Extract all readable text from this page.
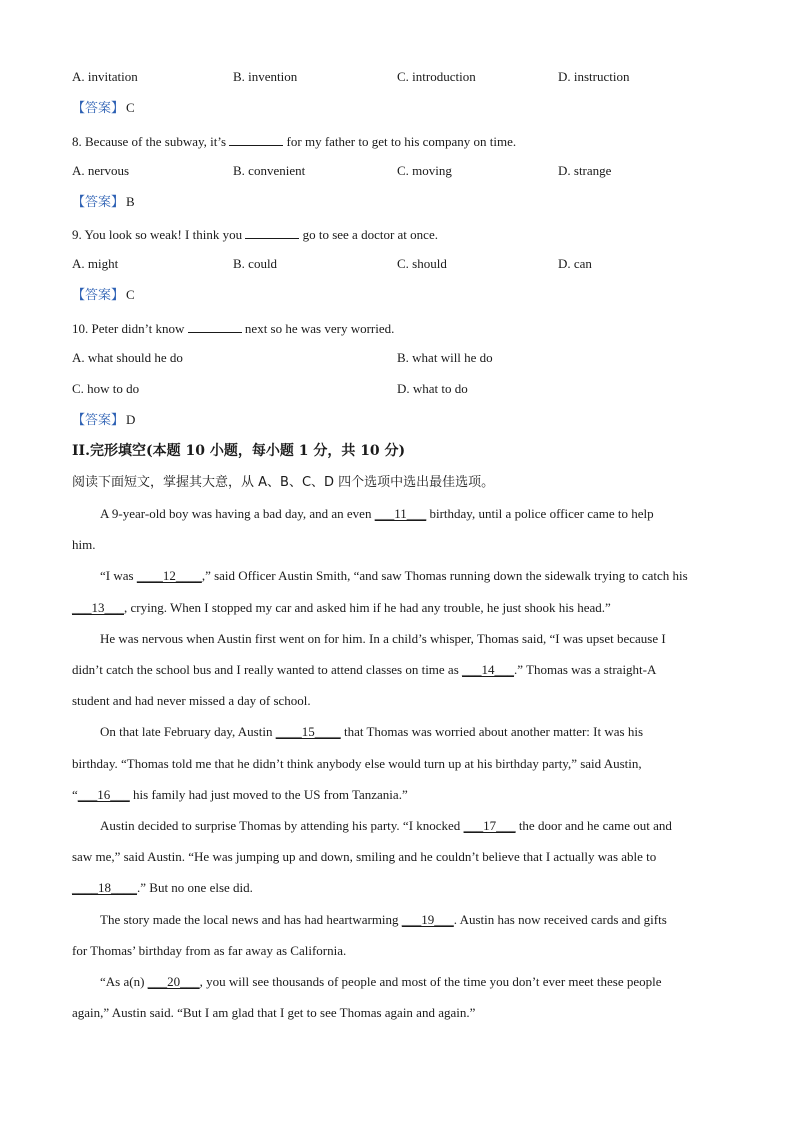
A. invitation	B. invention	C. introduction	D. instruction
【答案】 C
8. Because of the subway, it’s	for my father to get to his company on time.
A. nervous	B. convenient	C. moving	D. strange
【答案】 B
9. You look so weak! I think you	go to see a doctor at once.
A. might	B. could	C. should	D. can
【答案】 C
10. Peter didn’t know	next so he was very worried.
A. what should he do	B. what will he do
C. how to do	D. what to do
【答案】 D
II.完形填空(本题 10 小题，每小题 1 分，共 10 分)
阅读下面短文，掌握其大意，从 A、B、C、D 四个选项中选出最佳选项。
A 9-year-old boy was having a bad day, and an even ___11___ birthday, until a police officer came to help
him.
“I was ____12____,” said Officer Austin Smith, “and saw Thomas running down the sidewalk trying to catch his
___13___, crying. When I stopped my car and asked him if he had any trouble, he just shook his head.”
He was nervous when Austin first went on for him. In a child’s whisper, Thomas said, “I was upset because I
didn’t catch the school bus and I really wanted to attend classes on time as ___14___.” Thomas was a straight-A
student and had never missed a day of school.
On that late February day, Austin ____15____ that Thomas was worried about another matter: It was his
birthday. “Thomas told me that he didn’t think anybody else would turn up at his birthday party,” said Austin,
“___16___ his family had just moved to the US from Tanzania.”
Austin decided to surprise Thomas by attending his party. “I knocked ___17___ the door and he came out and
saw me,” said Austin. “He was jumping up and down, smiling and he couldn’t believe that I actually was able to
____18____.” But no one else did.
The story made the local news and has had heartwarming ___19___. Austin has now received cards and gifts
for Thomas’ birthday from as far away as California.
“As a(n) ___20___, you will see thousands of people and most of the time you don’t ever meet these people
again,” Austin said. “But I am glad that I get to see Thomas again and again.”
